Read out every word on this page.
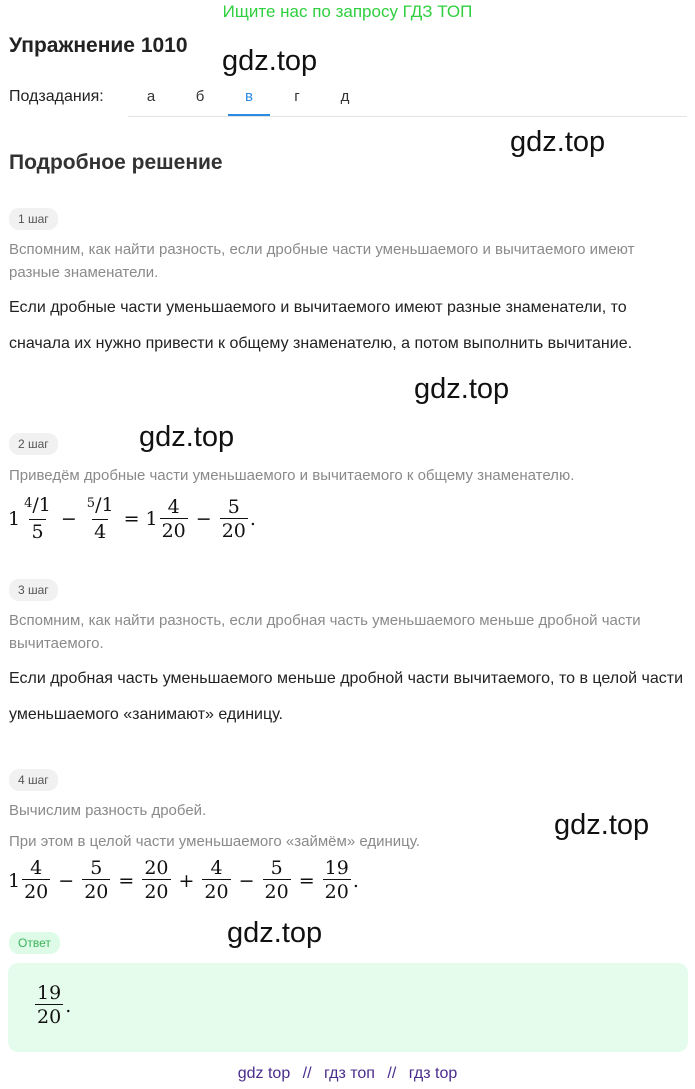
Ищите нас по запросу ГДЗ ТОП
Упражнение 1010 gdz.top
gdz.top
gdz.top
gdz.top
gdz.top
gdz.top
Подзадания:	а	б	в	г	д
Подробное решение
1 шаг
Вспомним, как найти разность, если дробные части уменьшаемого и вычитаемого имеют разные знаменатели.
Если дробные части уменьшаемого и вычитаемого имеют разные знаменатели, то сначала их нужно привести к общему знаменателю, а потом выполнить вычитание.
2 шаг
Приведём дробные части уменьшаемого и вычитаемого к общему знаменателю.
$1 \frac{^4/1}{5} - \frac{^5/1}{4} = 1 \frac{4}{20} - \frac{5}{20}$ .
3 шаг
Вспомним, как найти разность, если дробная часть уменьшаемого меньше дробной части вычитаемого.
Если дробная часть уменьшаемого меньше дробной части вычитаемого, то в целой части уменьшаемого «занимают» единицу.
4 шаг
Вычислим разность дробей.
При этом в целой части уменьшаемого «займём» единицу.
$1 \frac{4}{20} - \frac{5}{20} = \frac{20}{20} + \frac{4}{20} - \frac{5}{20} = \frac{19}{20}$ .
Ответ
$\frac{19}{20}$ .
gdz top // гдз топ // гдз top
